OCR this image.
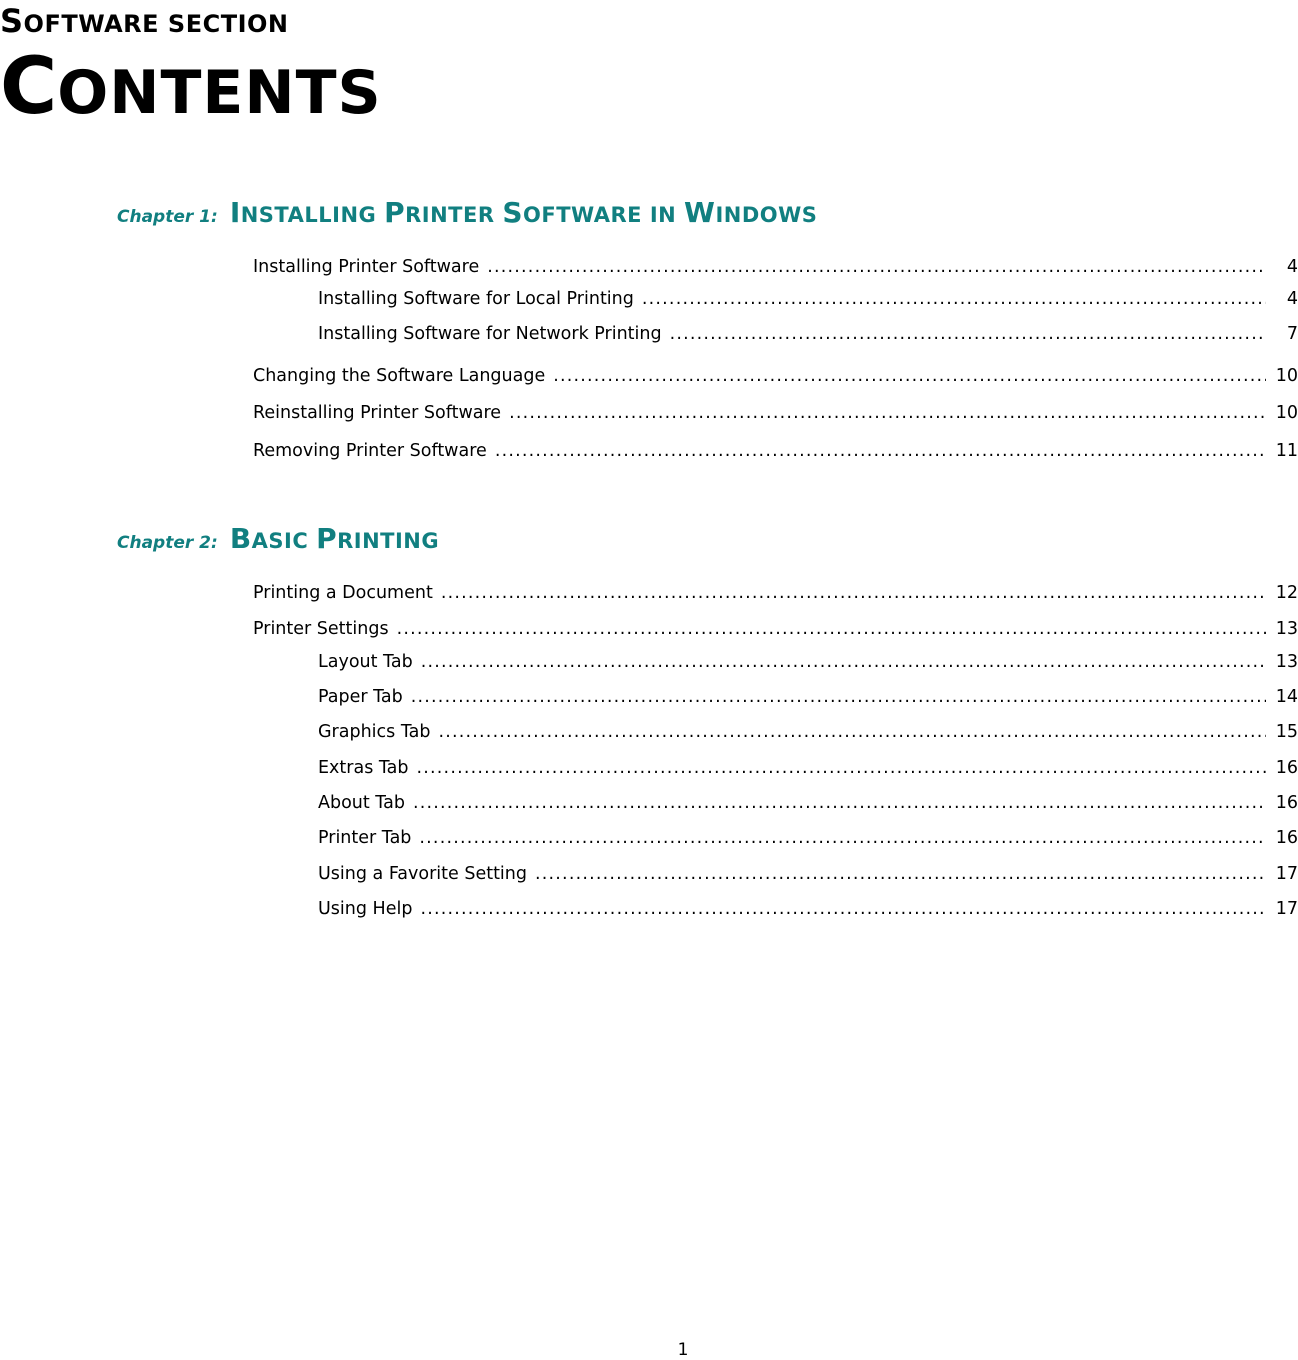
SOFTWARE SECTION
CONTENTS
Chapter 1: INSTALLING PRINTER SOFTWARE IN WINDOWS
Installing Printer Software .....	4
Installing Software for Local Printing .....	4
Installing Software for Network Printing .....	7
Changing the Software Language .....	10
Reinstalling Printer Software .....	10
Removing Printer Software .....	11
Chapter 2: BASIC PRINTING
Printing a Document .....	12
Printer Settings .....	13
Layout Tab .....	13
Paper Tab .....	14
Graphics Tab .....	15
Extras Tab .....	16
About Tab .....	16
Printer Tab .....	16
Using a Favorite Setting .....	17
Using Help .....	17
1
